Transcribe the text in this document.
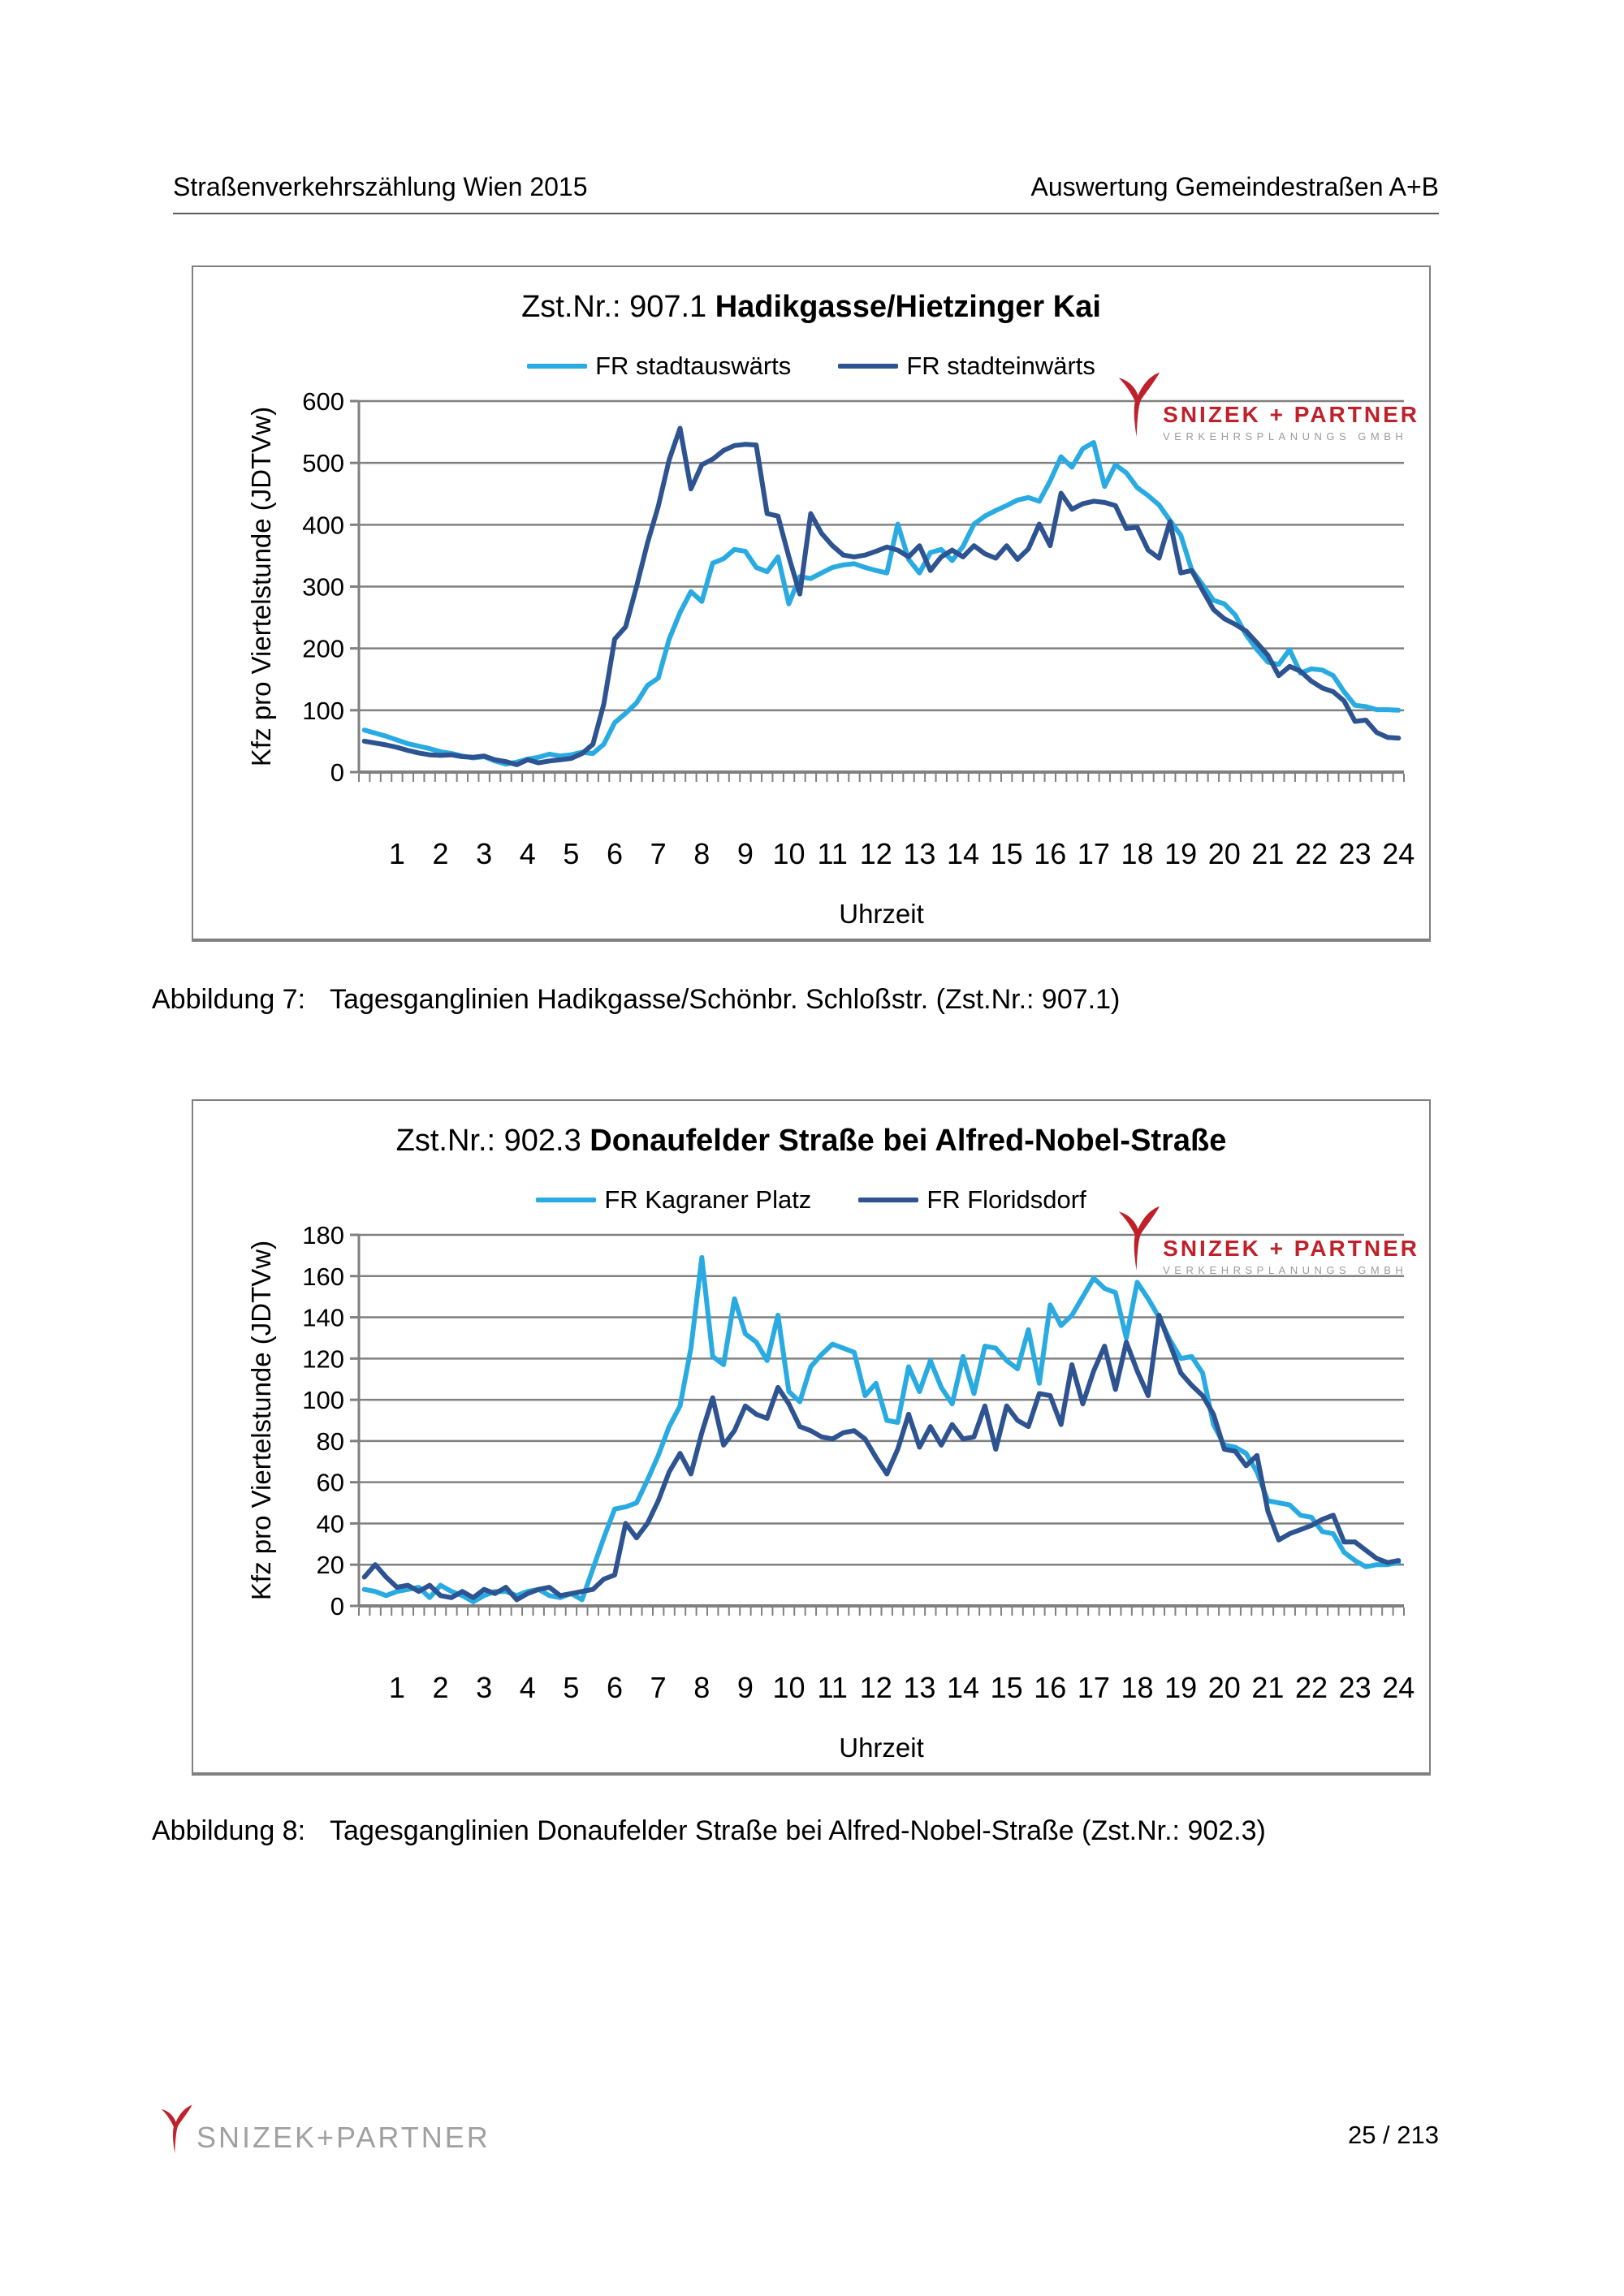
Straßenverkehrszählung Wien 2015	Auswertung Gemeindestraßen A+B
0
100
200
300
400
500
600
1 2 3 4 5 6 7 8 9 10 11 12 13 14 15 16 17 18 19 20 21 22 23 24
Uhrzeit
Kfz pro Viertelstunde (JDTVw)
Zst.Nr.: 907.1 Hadikgasse/Hietzinger Kai
FR stadtauswärts	FR stadteinwärts
SNIZEK + PARTNER
VERKEHRSPLANUNGS GMBH
Abbildung 7: Tagesganglinien Hadikgasse/Schönbr. Schloßstr. (Zst.Nr.: 907.1)
0
20
40
60
80
100
120
140
160
180
1 2 3 4 5 6 7 8 9 10 11 12 13 14 15 16 17 18 19 20 21 22 23 24
Uhrzeit
Kfz pro Viertelstunde (JDTVw)
Zst.Nr.: 902.3 Donaufelder Straße bei Alfred-Nobel-Straße
FR Kagraner Platz	FR Floridsdorf
SNIZEK + PARTNER
VERKEHRSPLANUNGS GMBH
Abbildung 8: Tagesganglinien Donaufelder Straße bei Alfred-Nobel-Straße (Zst.Nr.: 902.3)
SNIZEK+PARTNER	25 / 213
